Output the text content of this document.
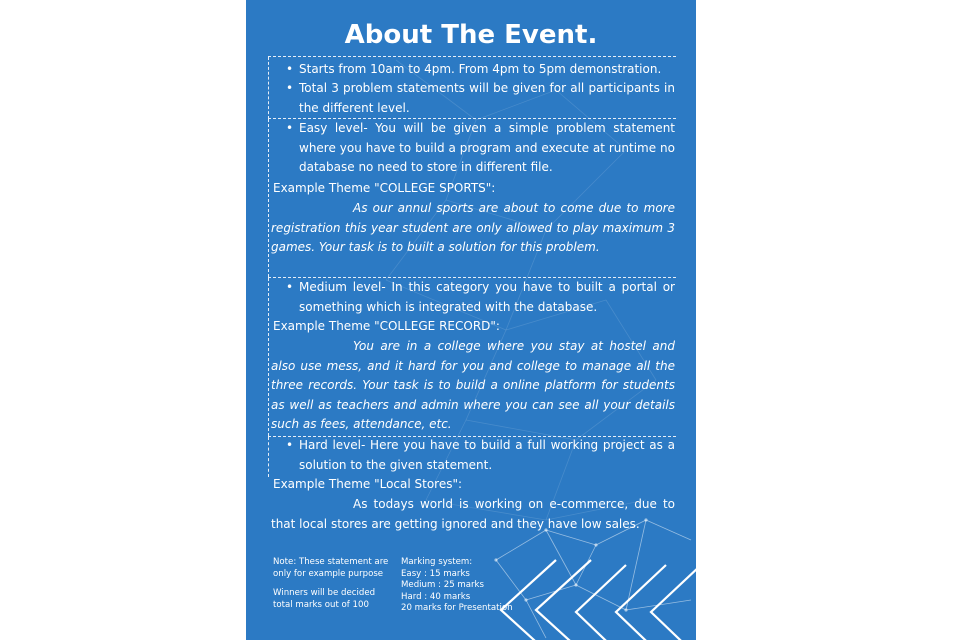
About The Event.
• Starts from 10am to 4pm. From 4pm to 5pm demonstration.
• Total 3 problem statements will be given for all participants in the different level.
• Easy level- You will be given a simple problem statement where you have to build a program and execute at runtime no database no need to store in different file.
Example Theme "COLLEGE SPORTS":
As our annul sports are about to come due to more registration this year student are only allowed to play maximum 3 games. Your task is to built a solution for this problem.
• Medium level- In this category you have to built a portal or something which is integrated with the database.
Example Theme "COLLEGE RECORD":
You are in a college where you stay at hostel and also use mess, and it hard for you and college to manage all the three records. Your task is to build a online platform for students as well as teachers and admin where you can see all your details such as fees, attendance, etc.
• Hard level- Here you have to build a full working project as a solution to the given statement.
Example Theme "Local Stores":
As todays world is working on e-commerce, due to that local stores are getting ignored and they have low sales.
Note: These statement are
only for example purpose
Winners will be decided
total marks out of 100
Marking system:
Easy : 15 marks
Medium : 25 marks
Hard : 40 marks
20 marks for Presentation
